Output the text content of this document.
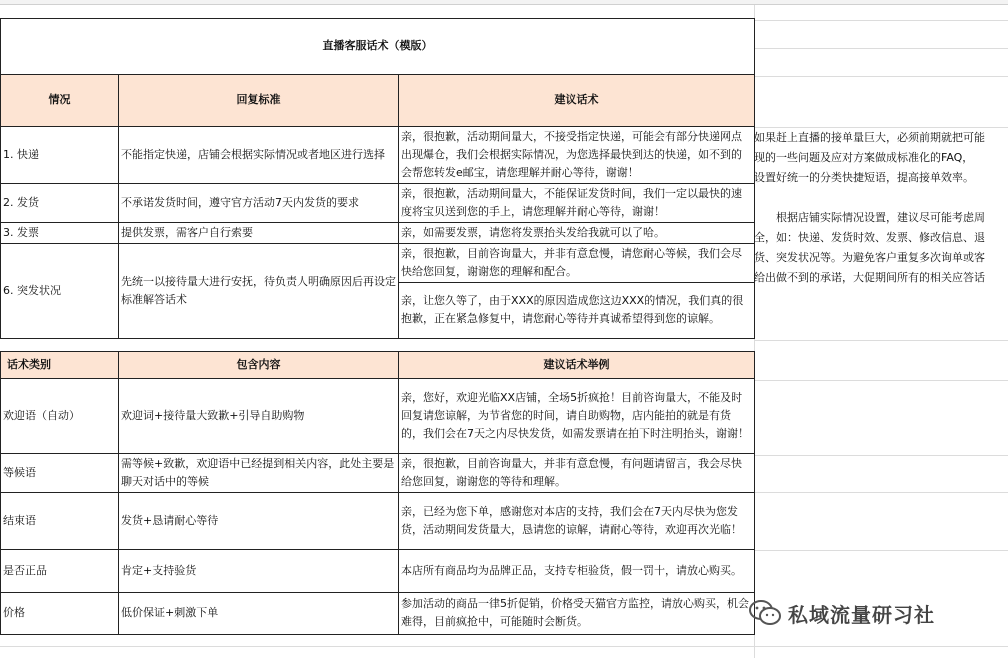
直播客服话术（模版）		
情况	回复标准	建议话术
1. 快递	不能指定快递，店铺会根据实际情况或者地区进行选择	亲，很抱歉，活动期间量大，不接受指定快递，可能会有部分快递网点出现爆仓，我们会根据实际情况，为您选择最快到达的快递，如不到的会帮您转发e邮宝，请您理解并耐心等待，谢谢！
2. 发货	不承诺发货时间，遵守官方活动7天内发货的要求	亲，很抱歉，活动期间量大，不能保证发货时间，我们一定以最快的速度将宝贝送到您的手上，请您理解并耐心等待，谢谢！
3. 发票	提供发票，需客户自行索要	亲，如需要发票，请您将发票抬头发给我就可以了哈。
6. 突发状况	先统一以接待量大进行安抚，待负责人明确原因后再设定标准解答话术	亲，很抱歉，目前咨询量大，并非有意怠慢，请您耐心等候，我们会尽快给您回复，谢谢您的理解和配合。
		亲，让您久等了，由于XXX的原因造成您这边XXX的情况，我们真的很抱歉，正在紧急修复中，请您耐心等待并真诚希望得到您的谅解。

话术类别	包含内容	建议话术举例
欢迎语（自动）	欢迎词+接待量大致歉+引导自助购物	亲，您好，欢迎光临XX店铺，全场5折疯抢！目前咨询量大，不能及时回复请您谅解，为节省您的时间，请自助购物，店内能拍的就是有货的，我们会在7天之内尽快发货，如需发票请在拍下时注明抬头，谢谢！
等候语	需等候+致歉，欢迎语中已经提到相关内容，此处主要是聊天对话中的等候	亲，很抱歉，目前咨询量大，并非有意怠慢，有问题请留言，我会尽快给您回复，谢谢您的等待和理解。
结束语	发货+恳请耐心等待	亲，已经为您下单，感谢您对本店的支持，我们会在7天内尽快为您发货，活动期间发货量大，恳请您的谅解，请耐心等待，欢迎再次光临！
是否正品	肯定+支持验货	本店所有商品均为品牌正品，支持专柜验货，假一罚十，请放心购买。
价格	低价保证+刺激下单	参加活动的商品一律5折促销，价格受天猫官方监控，请放心购买，机会难得，目前疯抢中，可能随时会断货。

如果赶上直播的接单量巨大，必须前期就把可能

现的一些问题及应对方案做成标准化的FAQ，

设置好统一的分类快捷短语，提高接单效率。

　　根据店铺实际情况设置，建议尽可能考虑周

全，如：快递、发货时效、发票、修改信息、退

货、突发状况等。为避免客户重复多次询单或客

给出做不到的承诺，大促期间所有的相关应答话

私域流量研习社
